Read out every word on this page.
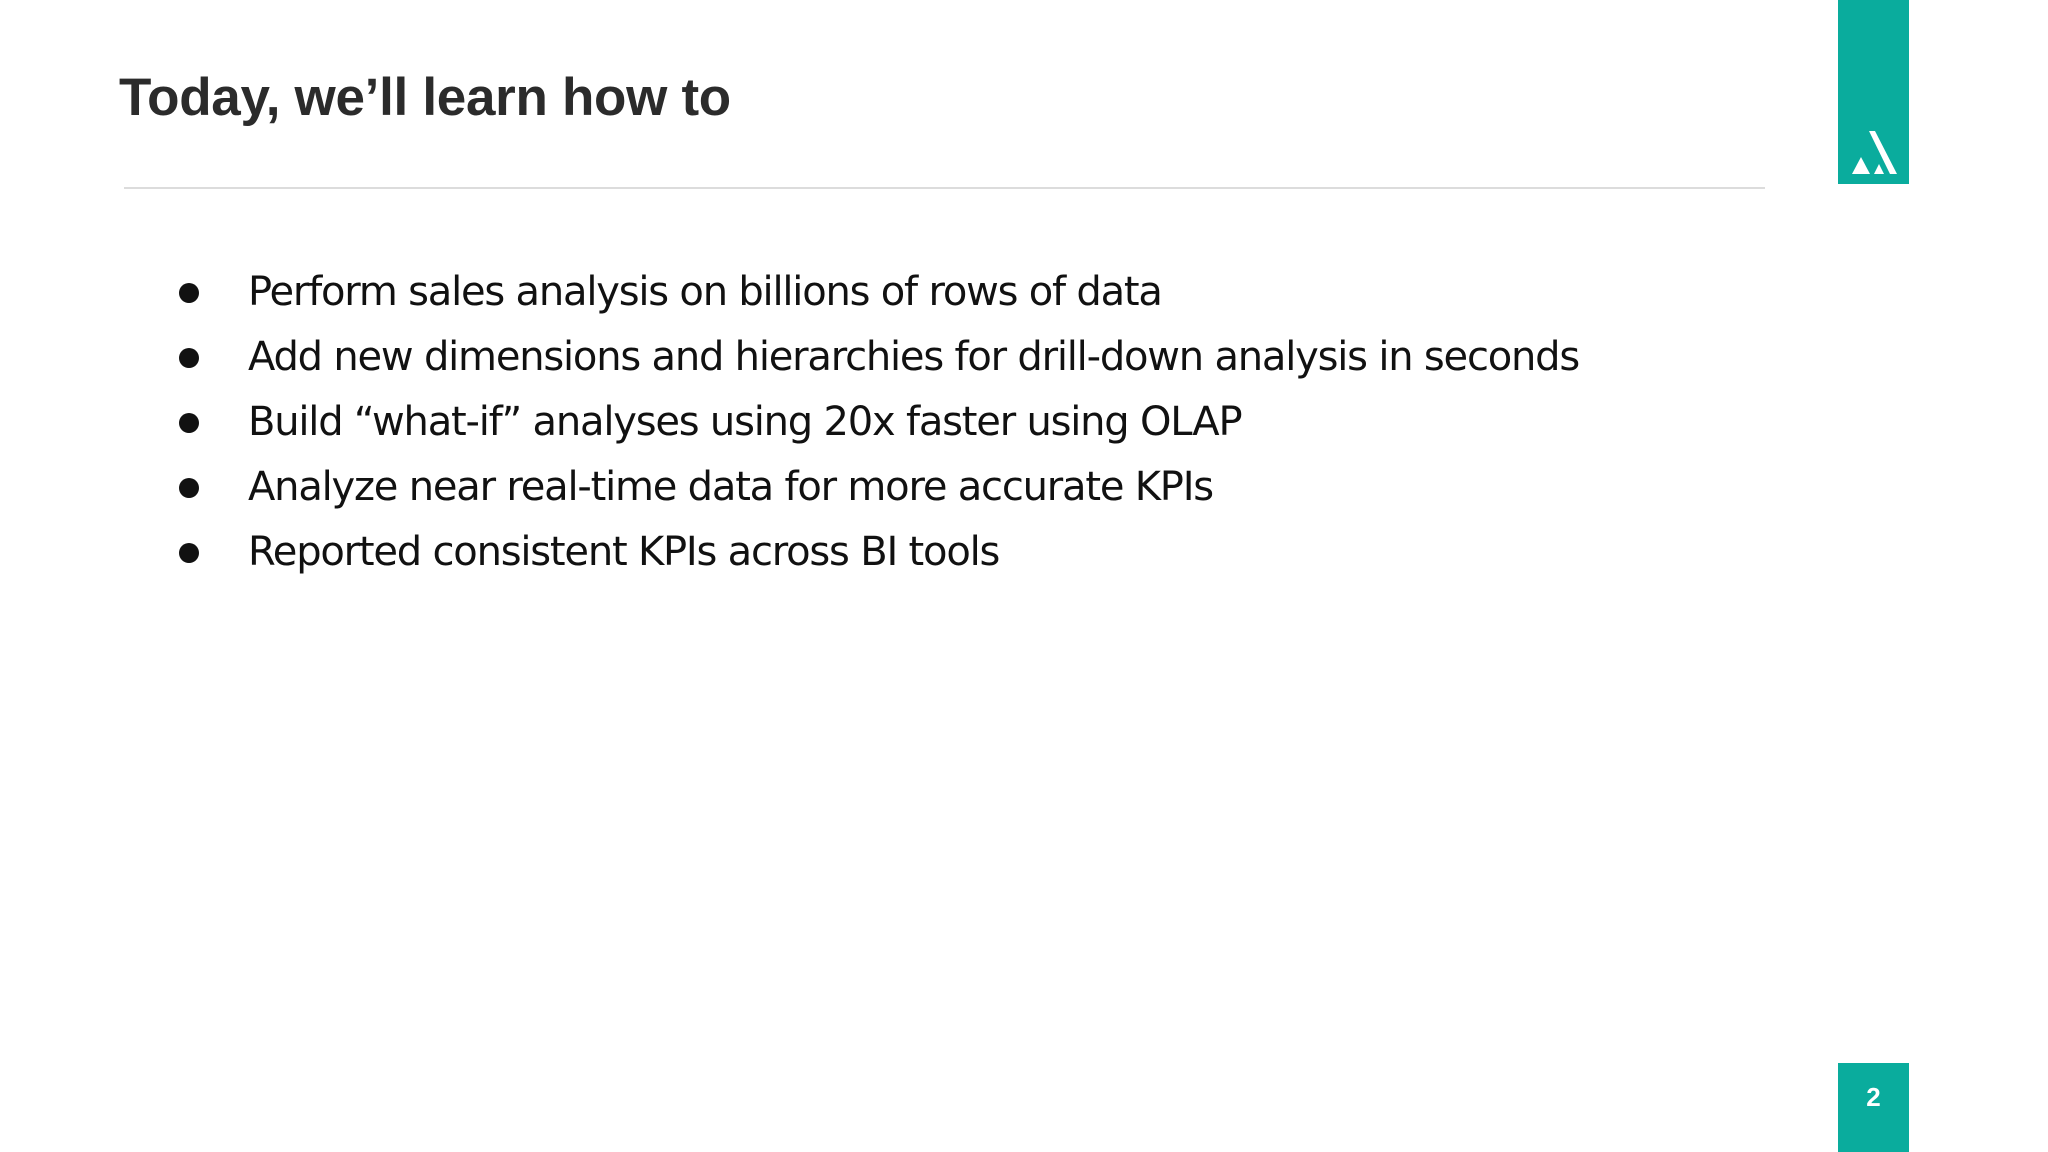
Today, we’ll learn how to
Perform sales analysis on billions of rows of data
Add new dimensions and hierarchies for drill-down analysis in seconds
Build “what-if” analyses using 20x faster using OLAP
Analyze near real-time data for more accurate KPIs
Reported consistent KPIs across BI tools
2
